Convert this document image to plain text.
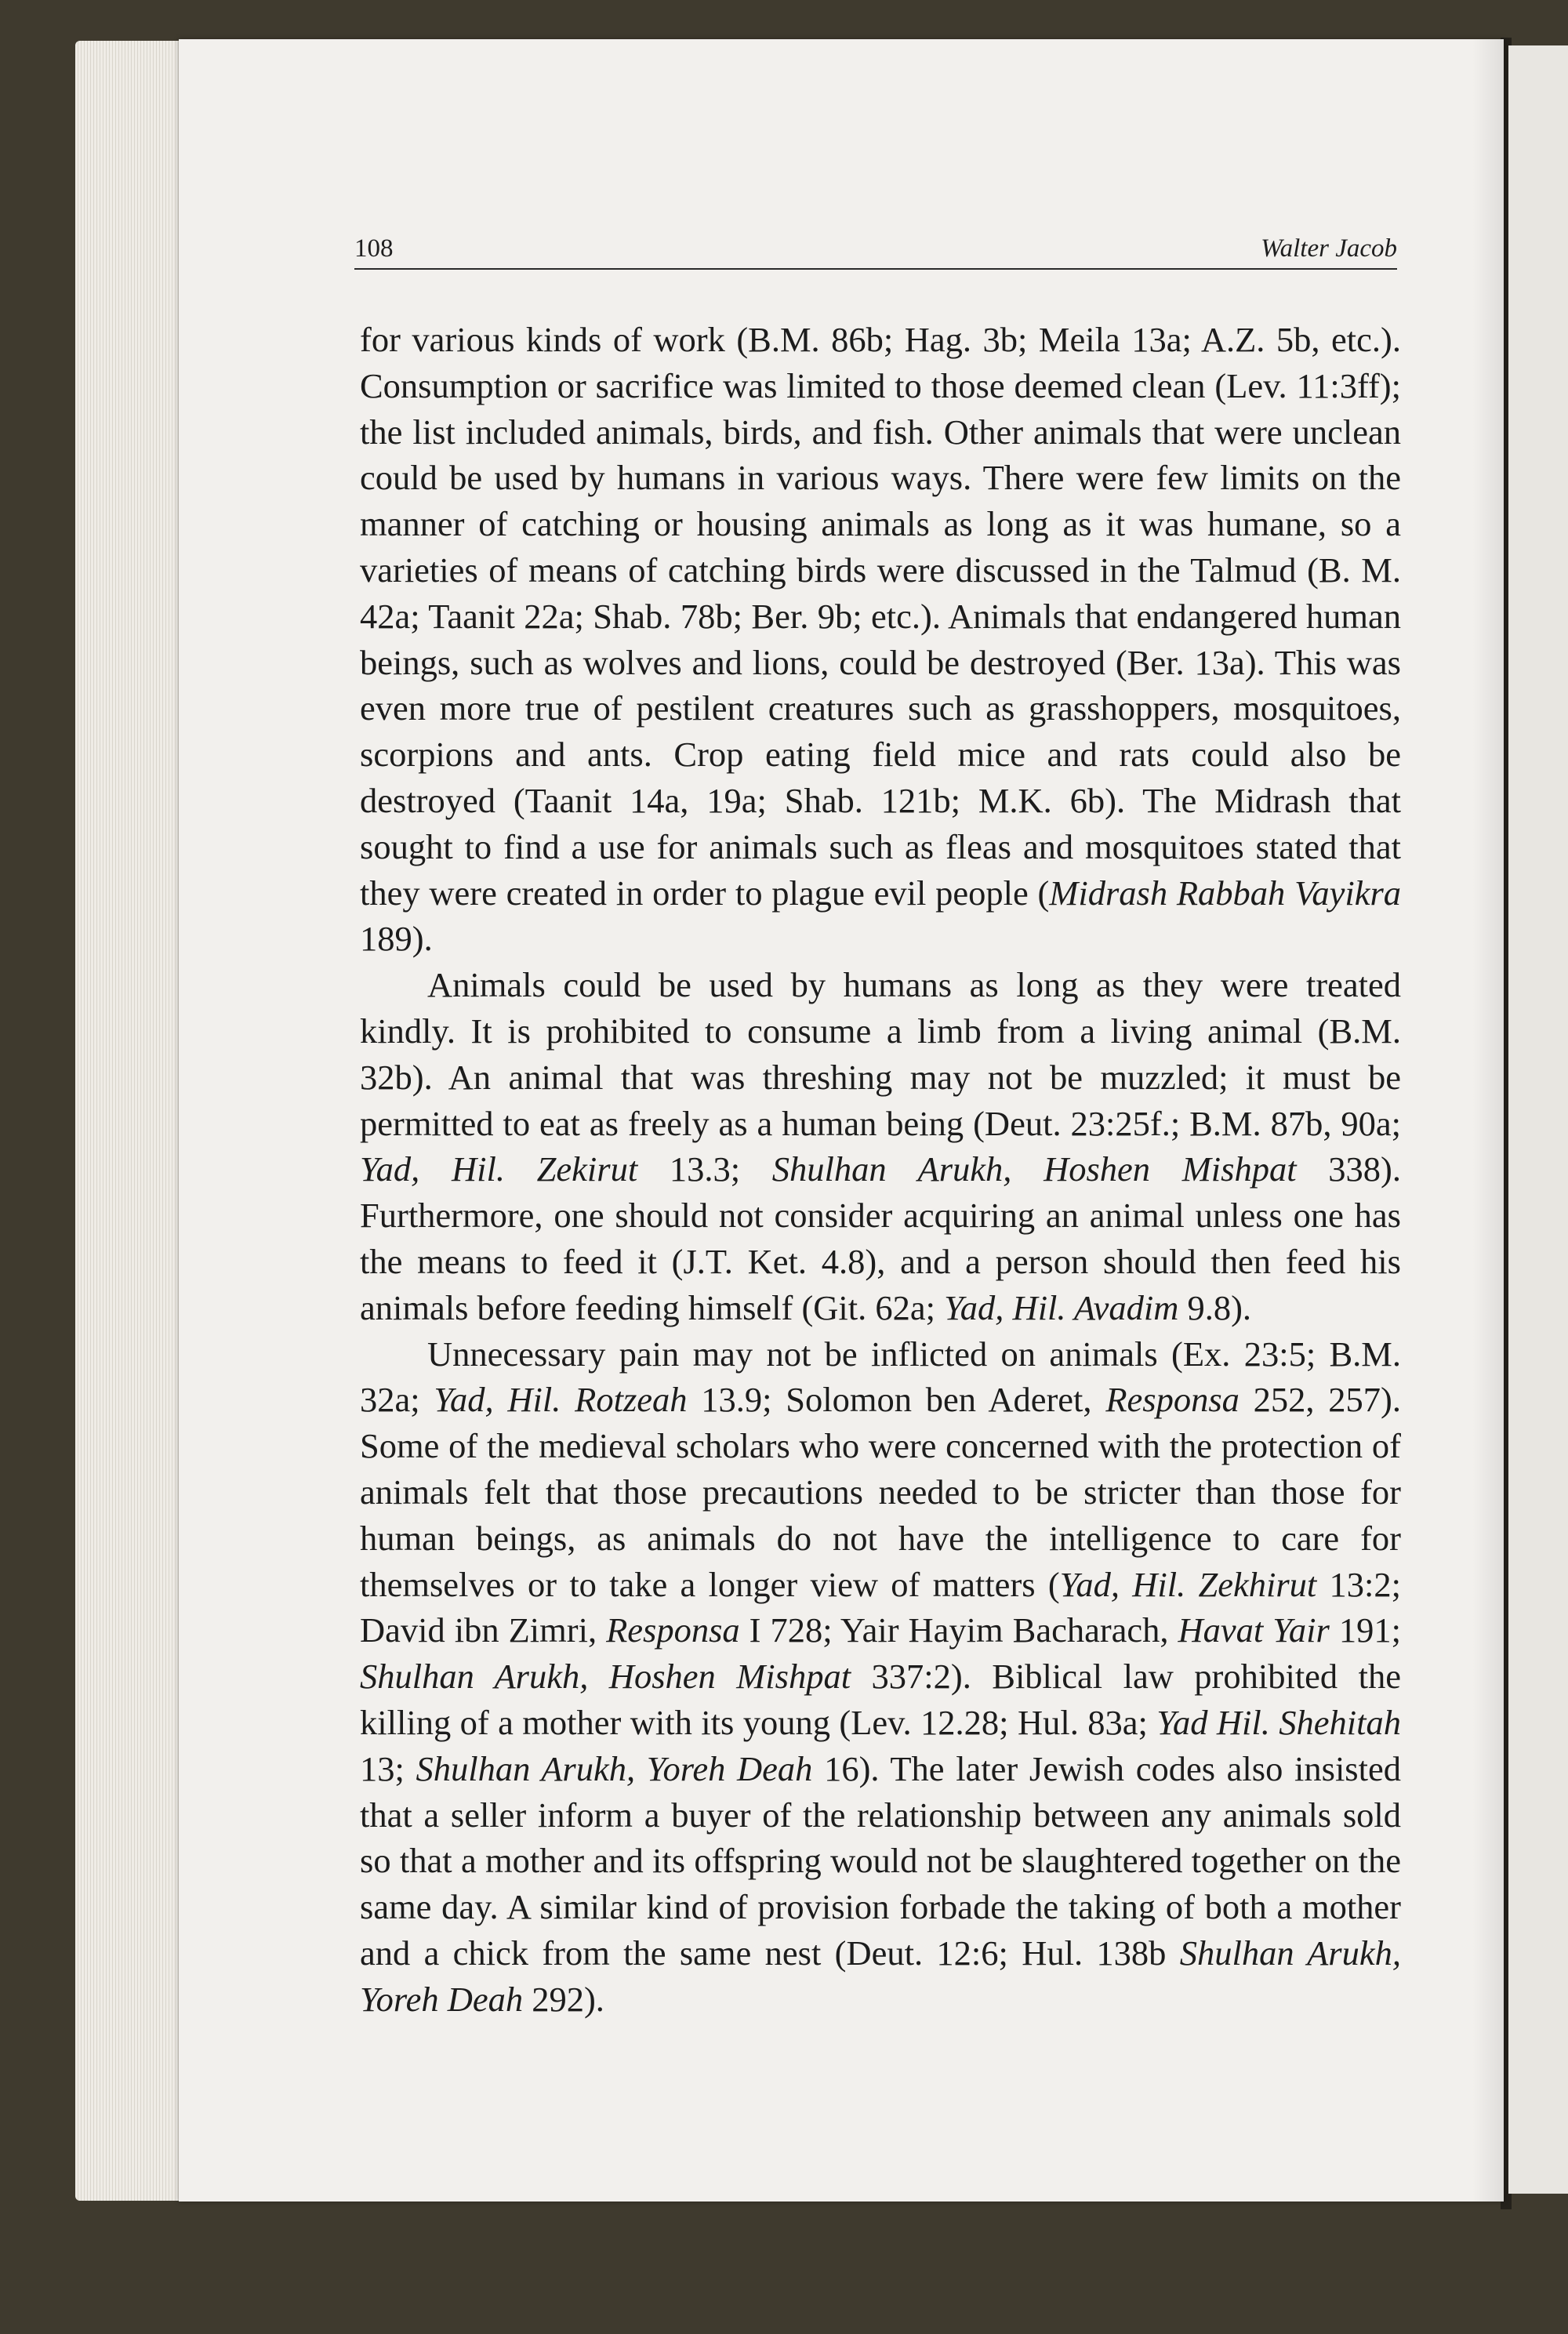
108	Walter Jacob

for various kinds of work (B.M. 86b; Hag. 3b; Meila 13a; A.Z. 5b, etc.). Consumption or sacrifice was limited to those deemed clean (Lev. 11:3ff); the list included animals, birds, and fish. Other animals that were unclean could be used by humans in various ways. There were few limits on the manner of catching or housing animals as long as it was humane, so a varieties of means of catching birds were discussed in the Talmud (B. M. 42a; Taanit 22a; Shab. 78b; Ber. 9b; etc.). Animals that endangered human beings, such as wolves and lions, could be destroyed (Ber. 13a). This was even more true of pestilent creatures such as grasshoppers, mosquitoes, scorpions and ants. Crop eating field mice and rats could also be destroyed (Taanit 14a, 19a; Shab. 121b; M.K. 6b). The Midrash that sought to find a use for animals such as fleas and mosquitoes stated that they were created in order to plague evil people (Midrash Rabbah Vayikra 189).

Animals could be used by humans as long as they were treated kindly. It is prohibited to consume a limb from a living animal (B.M. 32b). An animal that was threshing may not be muzzled; it must be permitted to eat as freely as a human being (Deut. 23:25f.; B.M. 87b, 90a; Yad, Hil. Zekirut 13.3; Shulhan Arukh, Hoshen Mishpat 338). Furthermore, one should not consider acquiring an animal unless one has the means to feed it (J.T. Ket. 4.8), and a person should then feed his animals before feeding himself (Git. 62a; Yad, Hil. Avadim 9.8).

Unnecessary pain may not be inflicted on animals (Ex. 23:5; B.M. 32a; Yad, Hil. Rotzeah 13.9; Solomon ben Aderet, Responsa 252, 257). Some of the medieval scholars who were concerned with the protection of animals felt that those precautions needed to be stricter than those for human beings, as animals do not have the intelligence to care for themselves or to take a longer view of matters (Yad, Hil. Zekhirut 13:2; David ibn Zimri, Responsa I 728; Yair Hayim Bacharach, Havat Yair 191; Shulhan Arukh, Hoshen Mishpat 337:2). Biblical law prohibited the killing of a mother with its young (Lev. 12.28; Hul. 83a; Yad Hil. Shehitah 13; Shulhan Arukh, Yoreh Deah 16). The later Jewish codes also insisted that a seller inform a buyer of the relationship between any animals sold so that a mother and its offspring would not be slaughtered together on the same day. A similar kind of provision forbade the taking of both a mother and a chick from the same nest (Deut. 12:6; Hul. 138b Shulhan Arukh, Yoreh Deah 292).
